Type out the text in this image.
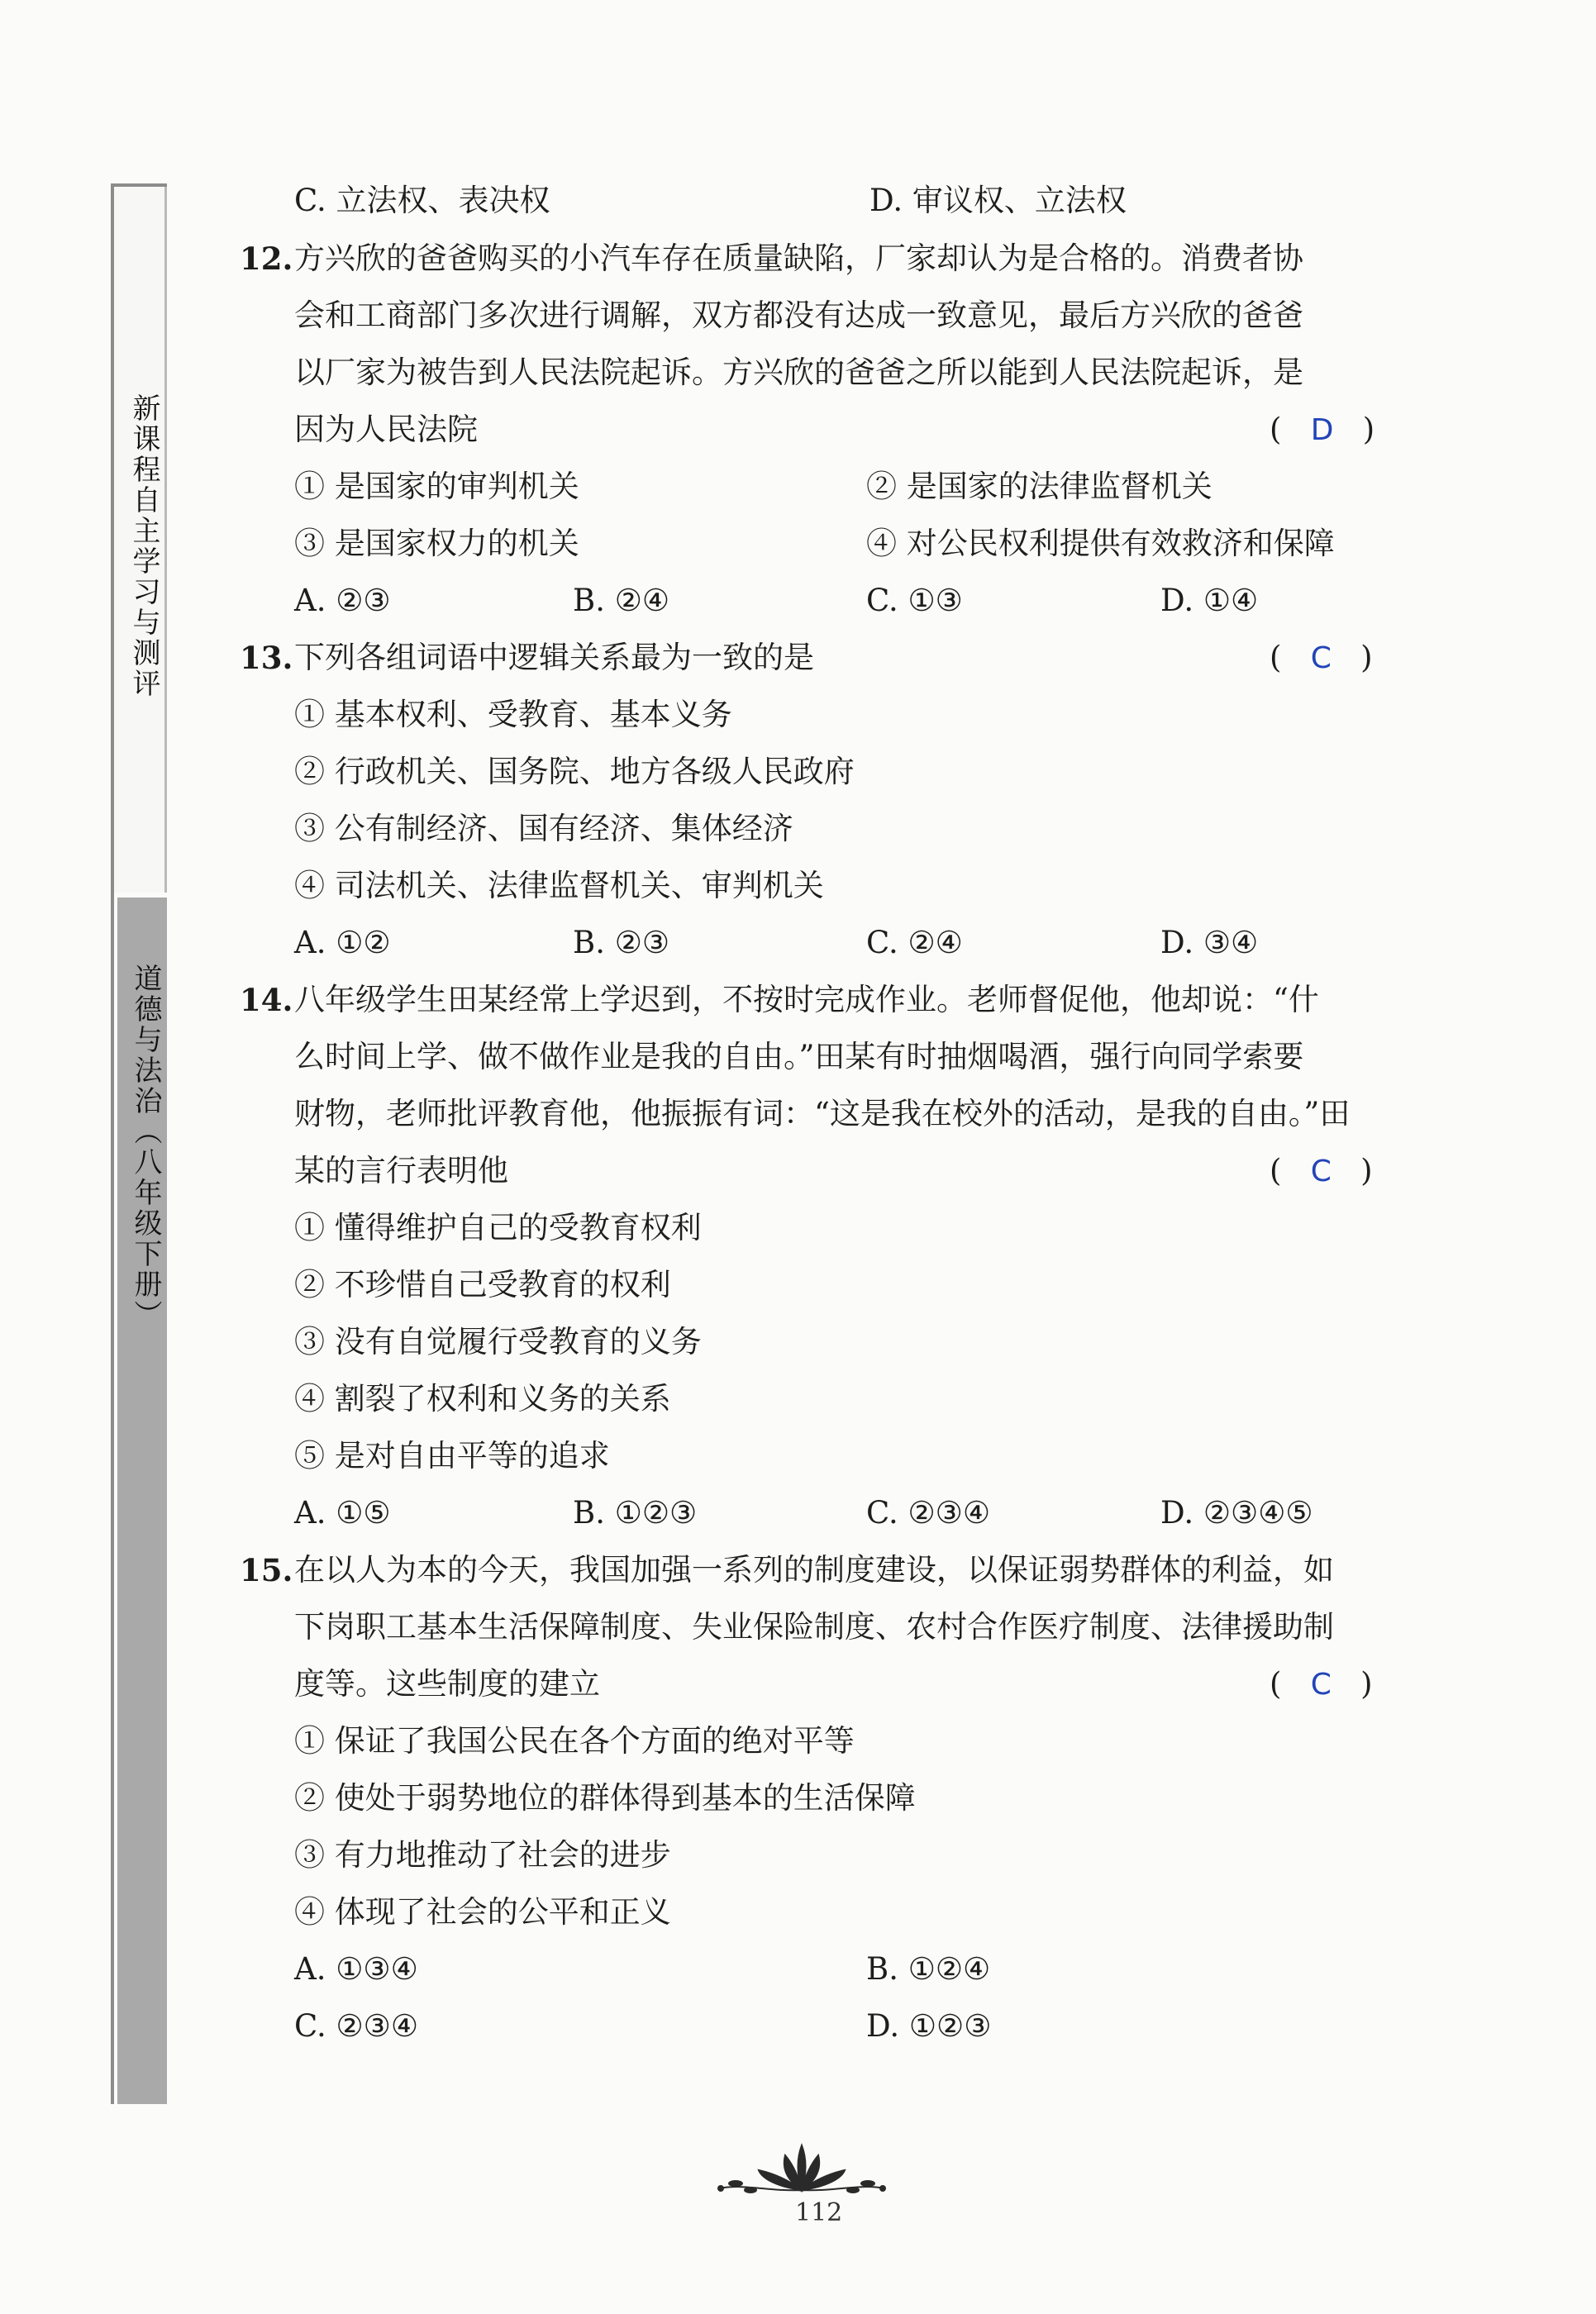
新课程自主学习与测评
道德与法治（八年级下册）
C. 立法权、表决权	D. 审议权、立法权
12. 方兴欣的爸爸购买的小汽车存在质量缺陷，厂家却认为是合格的。消费者协
会和工商部门多次进行调解，双方都没有达成一致意见，最后方兴欣的爸爸
以厂家为被告到人民法院起诉。方兴欣的爸爸之所以能到人民法院起诉，是
因为人民法院	(   D   )
① 是国家的审判机关	② 是国家的法律监督机关
③ 是国家权力的机关	④ 对公民权利提供有效救济和保障
A. ②③	B. ②④	C. ①③	D. ①④
13. 下列各组词语中逻辑关系最为一致的是	(   C   )
① 基本权利、受教育、基本义务
② 行政机关、国务院、地方各级人民政府
③ 公有制经济、国有经济、集体经济
④ 司法机关、法律监督机关、审判机关
A. ①②	B. ②③	C. ②④	D. ③④
14. 八年级学生田某经常上学迟到，不按时完成作业。老师督促他，他却说：“什
么时间上学、做不做作业是我的自由。”田某有时抽烟喝酒，强行向同学索要
财物，老师批评教育他，他振振有词：“这是我在校外的活动，是我的自由。”田
某的言行表明他	(   C   )
① 懂得维护自己的受教育权利
② 不珍惜自己受教育的权利
③ 没有自觉履行受教育的义务
④ 割裂了权利和义务的关系
⑤ 是对自由平等的追求
A. ①⑤	B. ①②③	C. ②③④	D. ②③④⑤
15. 在以人为本的今天，我国加强一系列的制度建设，以保证弱势群体的利益，如
下岗职工基本生活保障制度、失业保险制度、农村合作医疗制度、法律援助制
度等。这些制度的建立	(   C   )
① 保证了我国公民在各个方面的绝对平等
② 使处于弱势地位的群体得到基本的生活保障
③ 有力地推动了社会的进步
④ 体现了社会的公平和正义
A. ①③④	B. ①②④
C. ②③④	D. ①②③
112
